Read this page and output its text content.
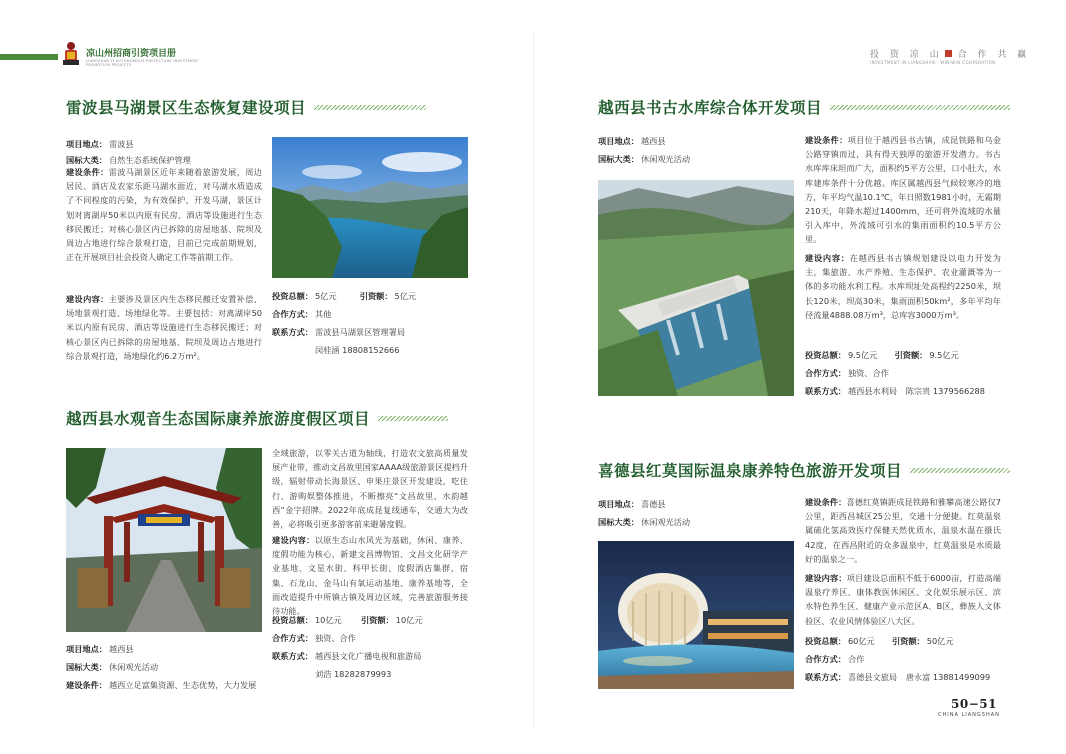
凉山州招商引资项目册
LIANGSHAN YI AUTONOMOUS PREFECTURE INVESTMENT PROMOTION PROJECTS
投 资 凉 山 合 作 共 赢
INVESTMENT IN LIANGSHAN · WIN-WIN COOPERATION
雷波县马湖景区生态恢复建设项目
项目地点： 雷波县
国标大类： 自然生态系统保护管理
建设条件：雷波马湖景区近年来随着旅游发展，周边居民、酒店及农家乐距马湖水面近，对马湖水质造成了不同程度的污染，为有效保护、开发马湖，景区计划对离湖岸50米以内原有民房、酒店等设施进行生态移民搬迁；对核心景区内已拆除的房屋地基、院坝及周边占地进行综合景观打造，目前已完成前期规划，正在开展项目社会投资人确定工作等前期工作。
建设内容：主要涉及景区内生态移民搬迁安置补偿、场地景观打造、场地绿化等。主要包括：对离湖岸50米以内原有民房、酒店等设施进行生态移民搬迁；对核心景区内已拆除的房屋地基、院坝及周边占地进行综合景观打造，场地绿化约6.2万m²。
投资总额： 5亿元	引资额： 5亿元
合作方式： 其他
联系方式： 雷波县马湖景区管理署局
闵桂涵 18808152666
越西县书古水库综合体开发项目
项目地点： 越西县
国标大类： 休闲观光活动
建设条件：项目位于越西县书古镇，成昆铁路和乌金公路穿镇而过，具有得天独厚的旅游开发潜力。书古水库库床坦而广大，面积约5平方公里，口小肚大，水库建库条件十分优越。库区属越西县气候较寒冷的地方，年平均气温10.1℃，年日照数1981小时，无霜期210天，年降水超过1400mm，还可将外流域的水量引入库中，外流域可引水的集雨面积约10.5平方公里。
建设内容：在越西县书古镇规划建设以电力开发为主，集旅游、水产养殖、生态保护、农业灌溉等为一体的多功能水利工程。水库坝址处高程约2250米，坝长120米，坝高30米，集雨面积50km²，多年平均年径流量4888.08万m³，总库容3000万m³。
投资总额： 9.5亿元 引资额： 9.5亿元
合作方式： 独资、合作
联系方式： 越西县水利局 陈宗贵 1379566288
越西县水观音生态国际康养旅游度假区项目
项目地点： 越西县
国标大类： 休闲观光活动
建设条件： 越西立足富集资源、生态优势，大力发展
全域旅游，以零关古道为轴线，打造农文旅高质量发展产业带，推动文昌故里国家AAAA级旅游景区提档升级，辐射带动长海景区、申果庄景区开发建设，吃住行、游购娱整体推进，不断擦亮“文昌故里、水韵越西”金字招牌。2022年底成昆复线通车，交通大为改善，必将吸引更多游客前来避暑度假。
建设内容：以原生态山水风光为基础，休闲、康养、度假功能为核心，新建文昌博物馆、文昌文化研学产业基地、文星水街、科甲长街、度假酒店集群，宿集、石龙山、金马山有氧运动基地、康养基地等，全面改造提升中所镇古镇及周边区域，完善旅游服务接待功能。
投资总额： 10亿元 引资额： 10亿元
合作方式： 独资、合作
联系方式： 越西县文化广播电视和旅游局
刘浩 18282879993
喜德县红莫国际温泉康养特色旅游开发项目
项目地点： 喜德县
国标大类： 休闲观光活动
建设条件：喜德红莫镇距成昆铁路和雅攀高速公路仅7公里，距西昌城区25公里，交通十分便捷。红莫温泉属硫化氢高效医疗保健天然优质水，温泉水温在摄氏42度，在西昌附近的众多温泉中，红莫温泉是水质最好的温泉之一。
建设内容：项目建设总面积不低于6000亩，打造高端温泉疗养区、康体教医休闲区、文化娱乐展示区、滨水特色养生区、健康产业示范区A、B区，彝族人文体验区、农业风情体验区八大区。
投资总额： 60亿元 引资额： 50亿元
合作方式： 合作
联系方式： 喜德县文旅局 唐永富 13881499099
50−51
CHINA LIANGSHAN
